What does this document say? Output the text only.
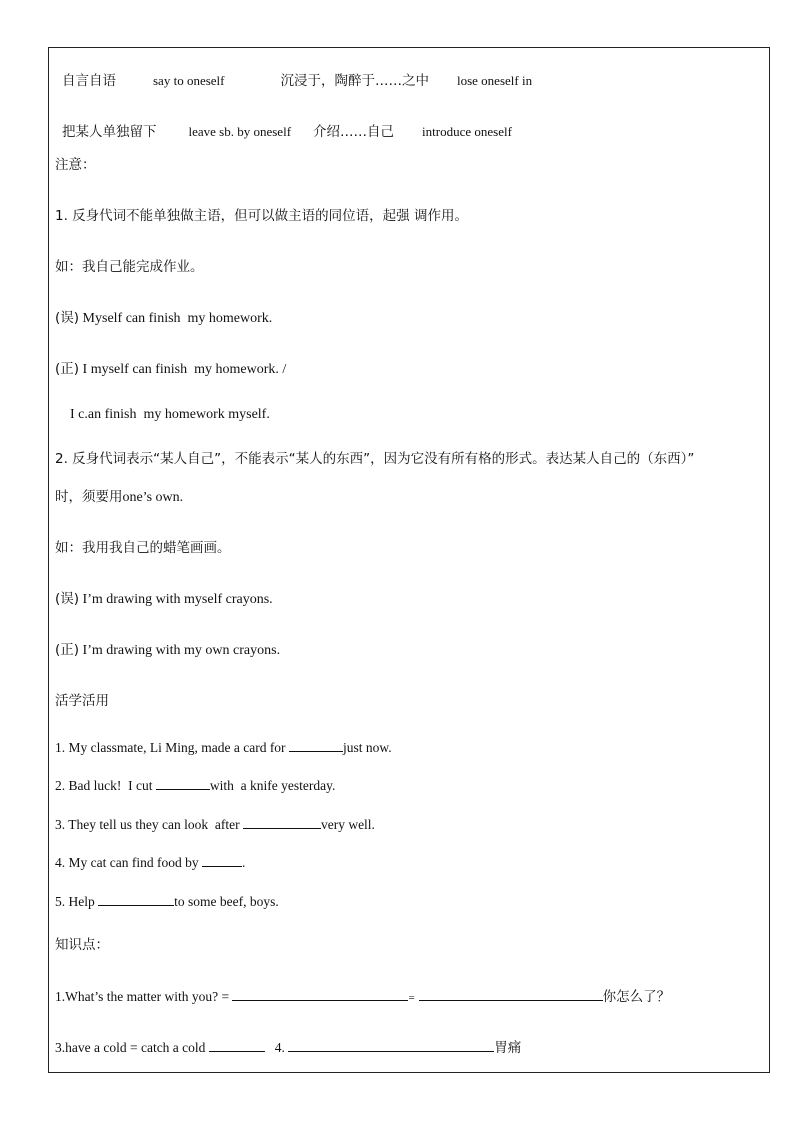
自言自语	say to oneself	沉浸于，陶醉于……之中 lose oneself in

把某人单独留下 leave sb. by oneself 介绍……自己 introduce oneself

注意：
1. 反身代词不能单独做主语，但可以做主语的同位语，起强 调作用。
如：我自己能完成作业。
(误) Myself can finish  my homework.
(正) I myself can finish  my homework. /
I c.an finish  my homework myself.
2. 反身代词表示“某人自己”，不能表示“某人的东西”，因为它没有所有格的形式。表达某人自己的（东西）”
时，须要用one’s own.
如：我用我自己的蜡笔画画。
(误) I’m drawing with myself crayons.
(正) I’m drawing with my own crayons.
活学活用
1. My classmate, Li Ming, made a card for	just now.
2. Bad luck!  I cut	with  a knife yesterday.
3. They tell us they can look  after	very well.
4. My cat can find food by	.
5. Help	to some beef, boys.
知识点：
1.What’s the matter with you? =	=	你怎么了？
3.have a cold = catch a cold	4.	胃痛
